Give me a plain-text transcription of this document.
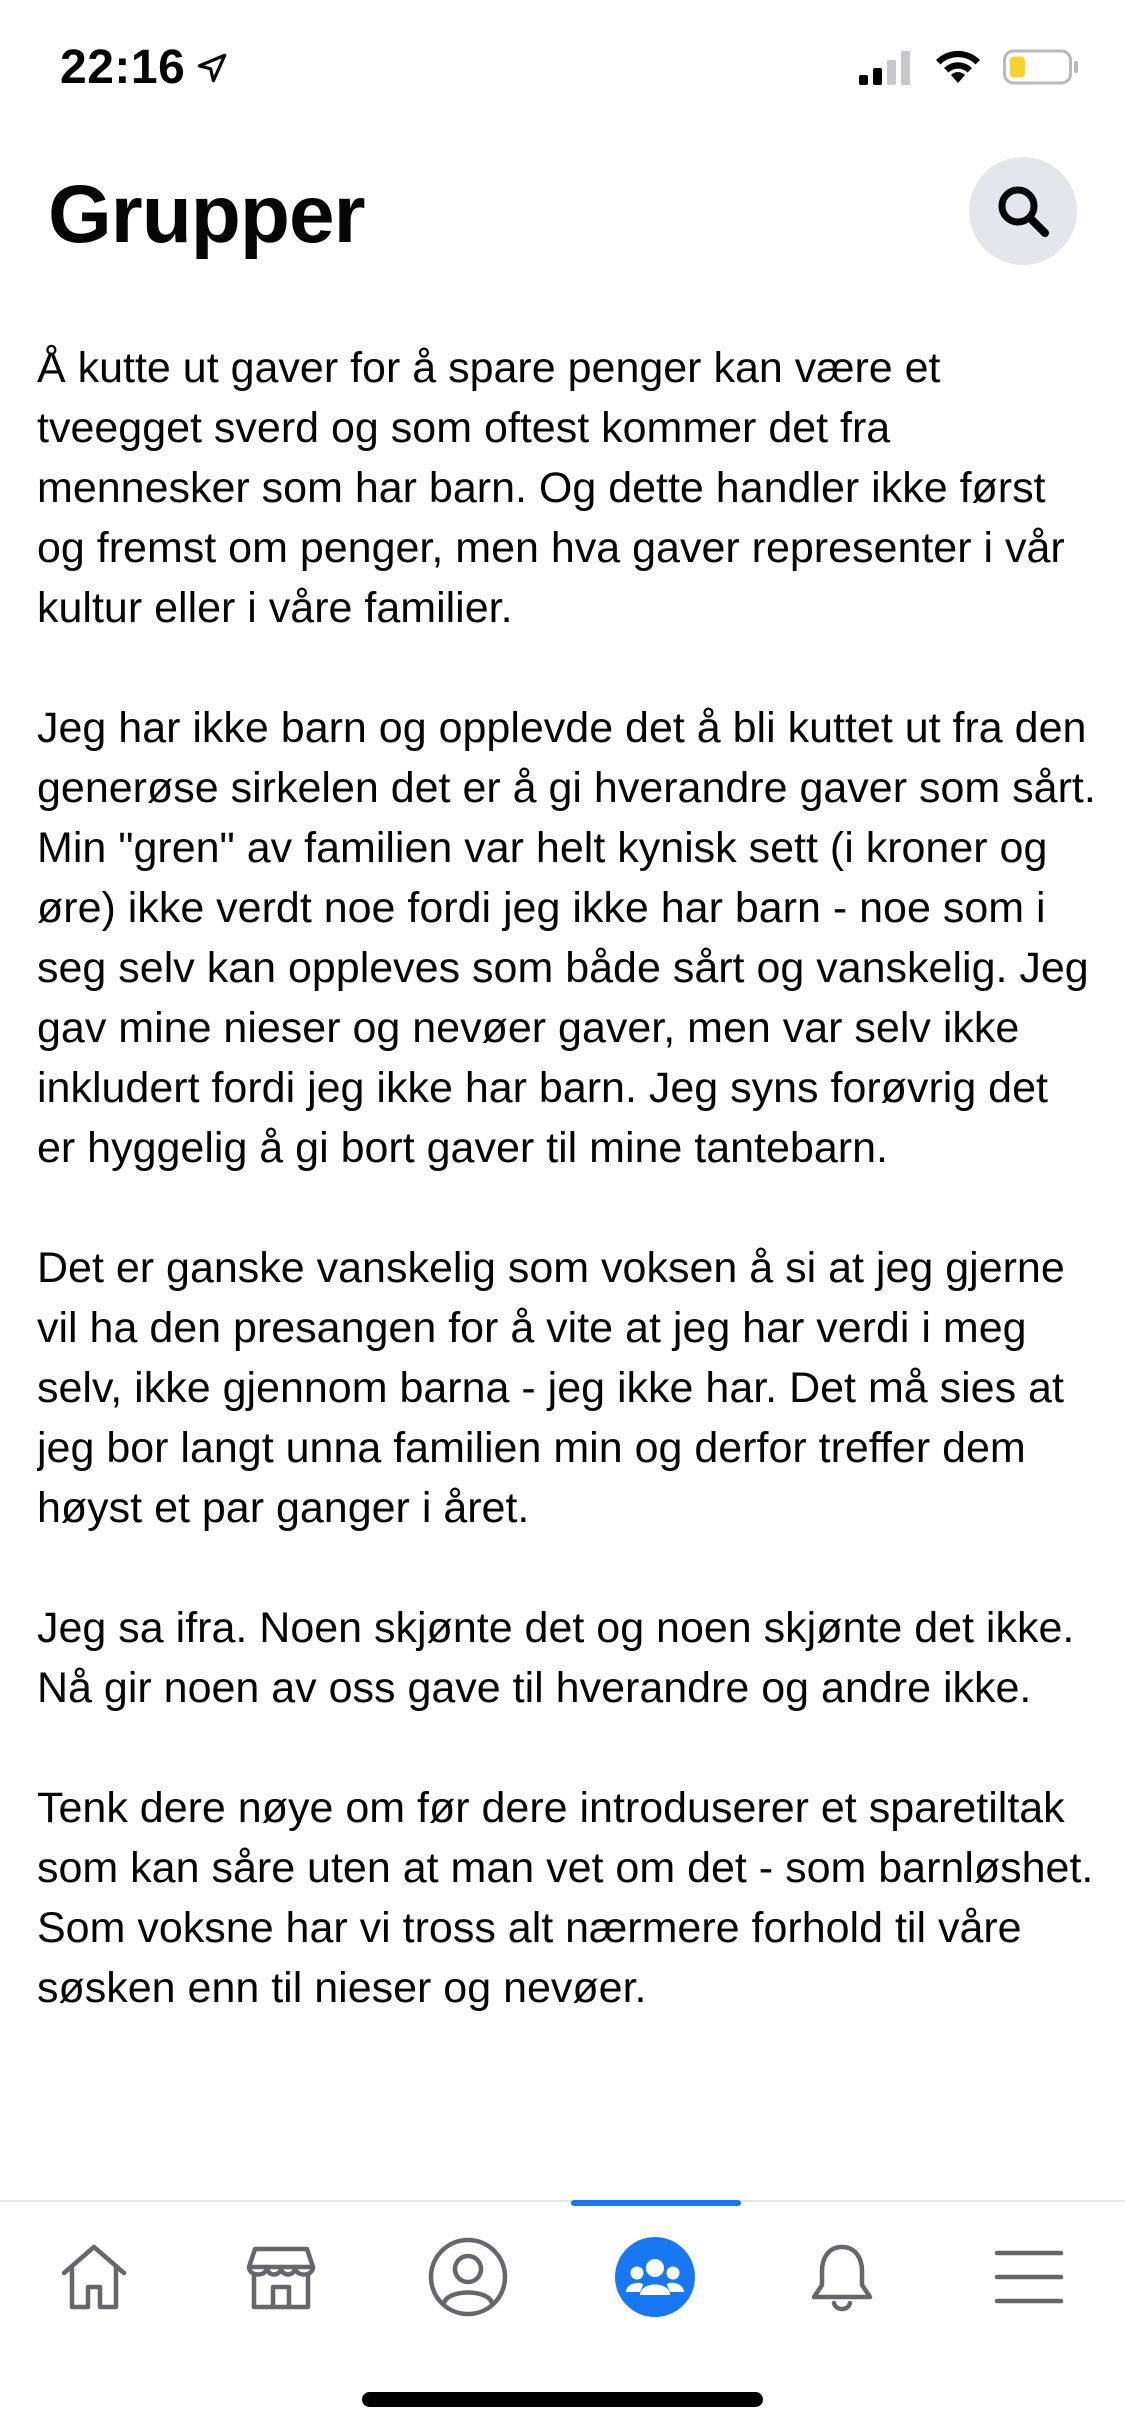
22:16
Grupper

Å kutte ut gaver for å spare penger kan være et tveegget sverd og som oftest kommer det fra mennesker som har barn. Og dette handler ikke først og fremst om penger, men hva gaver representer i vår kultur eller i våre familier.

Jeg har ikke barn og opplevde det å bli kuttet ut fra den generøse sirkelen det er å gi hverandre gaver som sårt. Min "gren" av familien var helt kynisk sett (i kroner og øre) ikke verdt noe fordi jeg ikke har barn - noe som i seg selv kan oppleves som både sårt og vanskelig. Jeg gav mine nieser og nevøer gaver, men var selv ikke inkludert fordi jeg ikke har barn. Jeg syns forøvrig det er hyggelig å gi bort gaver til mine tantebarn.

Det er ganske vanskelig som voksen å si at jeg gjerne vil ha den presangen for å vite at jeg har verdi i meg selv, ikke gjennom barna - jeg ikke har. Det må sies at jeg bor langt unna familien min og derfor treffer dem høyst et par ganger i året.

Jeg sa ifra. Noen skjønte det og noen skjønte det ikke. Nå gir noen av oss gave til hverandre og andre ikke.

Tenk dere nøye om før dere introduserer et sparetiltak som kan såre uten at man vet om det - som barnløshet. Som voksne har vi tross alt nærmere forhold til våre søsken enn til nieser og nevøer.
